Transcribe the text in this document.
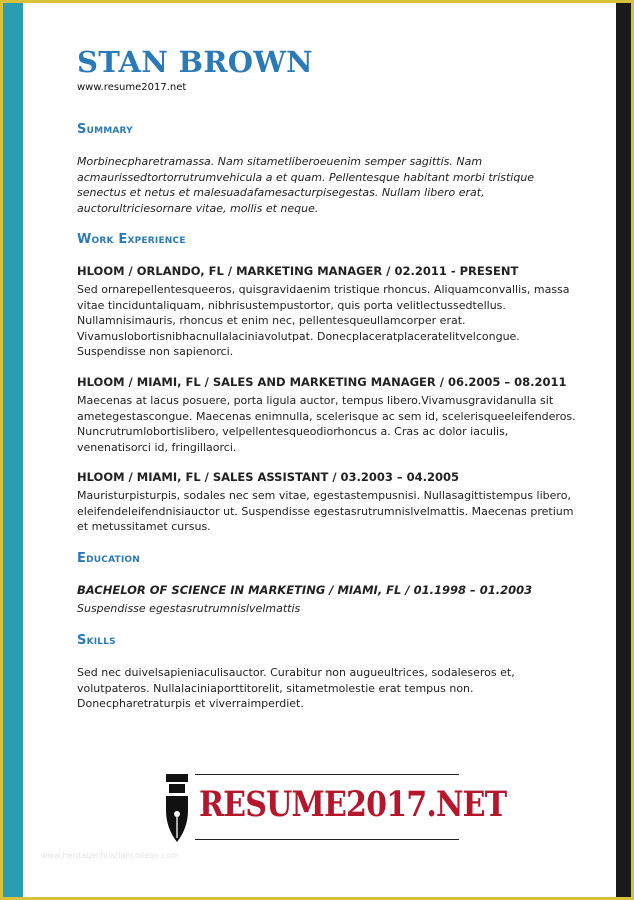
STAN BROWN
www.resume2017.net
Summary
Morbinecpharetramassa. Nam sitametliberoeuenim semper sagittis. Nam
acmaurissedtortorrutrumvehicula a et quam. Pellentesque habitant morbi tristique
senectus et netus et malesuadafamesacturpisegestas. Nullam libero erat,
auctorultriciesornare vitae, mollis et neque.
Work Experience
HLOOM / ORLANDO, FL / MARKETING MANAGER / 02.2011 - PRESENT
Sed ornarepellentesqueeros, quisgravidaenim tristique rhoncus. Aliquamconvallis, massa
vitae tinciduntaliquam, nibhrisustempustortor, quis porta velitlectussedtellus.
Nullamnisimauris, rhoncus et enim nec, pellentesqueullamcorper erat.
Vivamuslobortisnibhacnullalaciniavolutpat. Donecplaceratplaceratelitvelcongue.
Suspendisse non sapienorci.
HLOOM / MIAMI, FL / SALES AND MARKETING MANAGER / 06.2005 – 08.2011
Maecenas at lacus posuere, porta ligula auctor, tempus libero.Vivamusgravidanulla sit
ametegestascongue. Maecenas enimnulla, scelerisque ac sem id, scelerisqueeleifenderos.
Nuncrutrumlobortislibero, velpellentesqueodiorhoncus a. Cras ac dolor iaculis,
venenatisorci id, fringillaorci.
HLOOM / MIAMI, FL / SALES ASSISTANT / 03.2003 – 04.2005
Mauristurpisturpis, sodales nec sem vitae, egestastempusnisi. Nullasagittistempus libero,
eleifendeleifendnisiauctor ut. Suspendisse egestasrutrumnislvelmattis. Maecenas pretium
et metussitamet cursus.
Education
BACHELOR OF SCIENCE IN MARKETING / MIAMI, FL / 01.1998 – 01.2003
Suspendisse egestasrutrumnislvelmattis
Skills
Sed nec duivelsapieniaculisauctor. Curabitur non augueultrices, sodaleseros et,
volutpateros. Nullalaciniaporttitorelit, sitametmolestie erat tempus non.
Donecpharetraturpis et viverraimperdiet.
RESUME2017.NET
www.heritagechristiancollege.com
